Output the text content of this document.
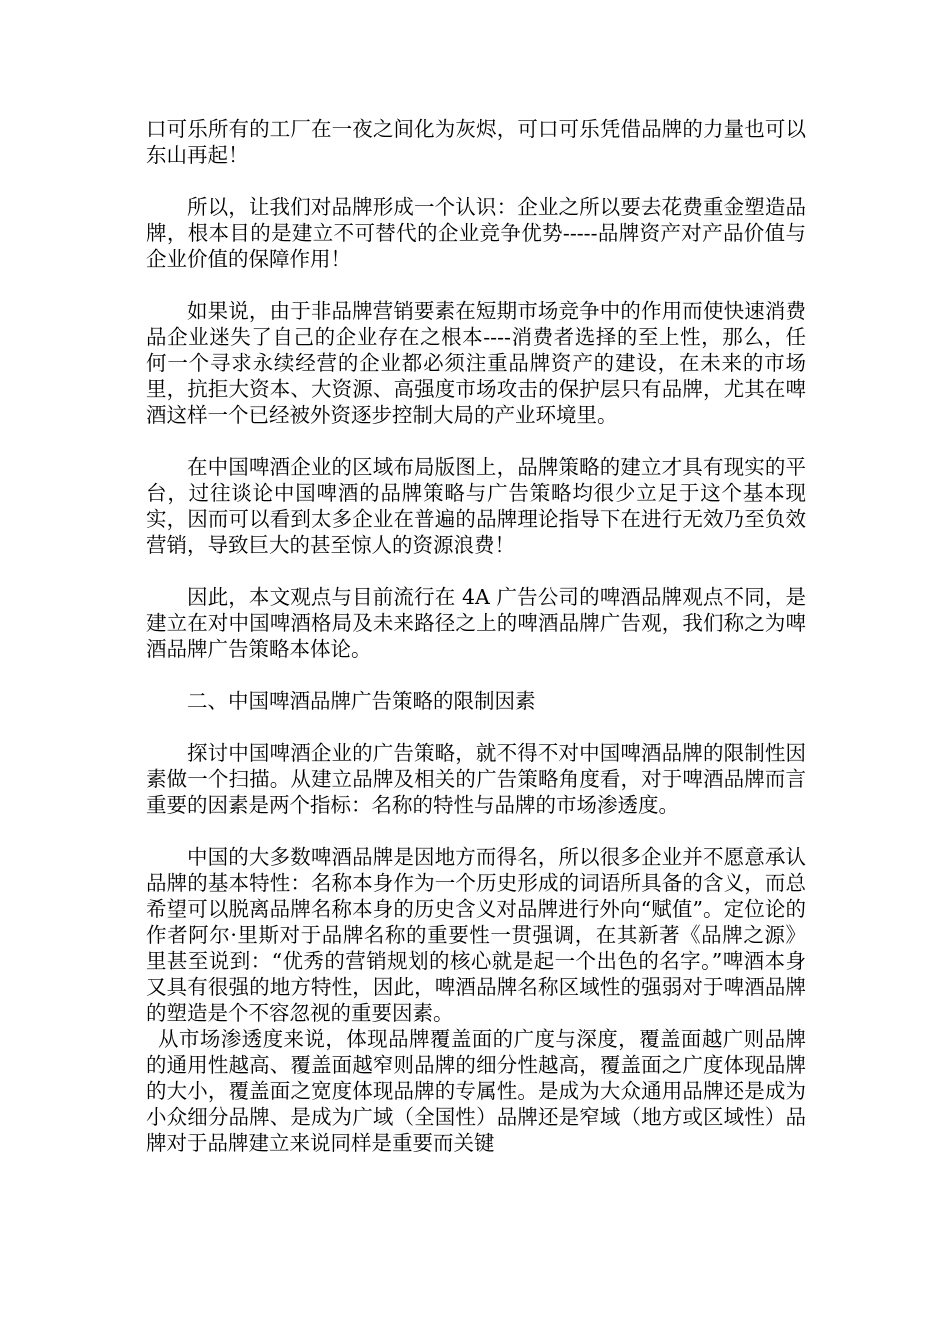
口可乐所有的工厂在一夜之间化为灰烬，可口可乐凭借品牌的力量也可以东山再起！

所以，让我们对品牌形成一个认识：企业之所以要去花费重金塑造品牌，根本目的是建立不可替代的企业竞争优势-----品牌资产对产品价值与企业价值的保障作用！

如果说，由于非品牌营销要素在短期市场竞争中的作用而使快速消费品企业迷失了自己的企业存在之根本----消费者选择的至上性，那么，任何一个寻求永续经营的企业都必须注重品牌资产的建设，在未来的市场里，抗拒大资本、大资源、高强度市场攻击的保护层只有品牌，尤其在啤酒这样一个已经被外资逐步控制大局的产业环境里。

在中国啤酒企业的区域布局版图上，品牌策略的建立才具有现实的平台，过往谈论中国啤酒的品牌策略与广告策略均很少立足于这个基本现实，因而可以看到太多企业在普遍的品牌理论指导下在进行无效乃至负效营销，导致巨大的甚至惊人的资源浪费！

因此，本文观点与目前流行在 4A 广告公司的啤酒品牌观点不同，是建立在对中国啤酒格局及未来路径之上的啤酒品牌广告观，我们称之为啤酒品牌广告策略本体论。

二、中国啤酒品牌广告策略的限制因素

探讨中国啤酒企业的广告策略，就不得不对中国啤酒品牌的限制性因素做一个扫描。从建立品牌及相关的广告策略角度看，对于啤酒品牌而言重要的因素是两个指标：名称的特性与品牌的市场渗透度。

中国的大多数啤酒品牌是因地方而得名，所以很多企业并不愿意承认品牌的基本特性：名称本身作为一个历史形成的词语所具备的含义，而总希望可以脱离品牌名称本身的历史含义对品牌进行外向“赋值”。定位论的作者阿尔·里斯对于品牌名称的重要性一贯强调，在其新著《品牌之源》里甚至说到：“优秀的营销规划的核心就是起一个出色的名字。”啤酒本身又具有很强的地方特性，因此，啤酒品牌名称区域性的强弱对于啤酒品牌的塑造是个不容忽视的重要因素。

从市场渗透度来说，体现品牌覆盖面的广度与深度，覆盖面越广则品牌的通用性越高、覆盖面越窄则品牌的细分性越高，覆盖面之广度体现品牌的大小，覆盖面之宽度体现品牌的专属性。是成为大众通用品牌还是成为小众细分品牌、是成为广域（全国性）品牌还是窄域（地方或区域性）品牌对于品牌建立来说同样是重要而关键
